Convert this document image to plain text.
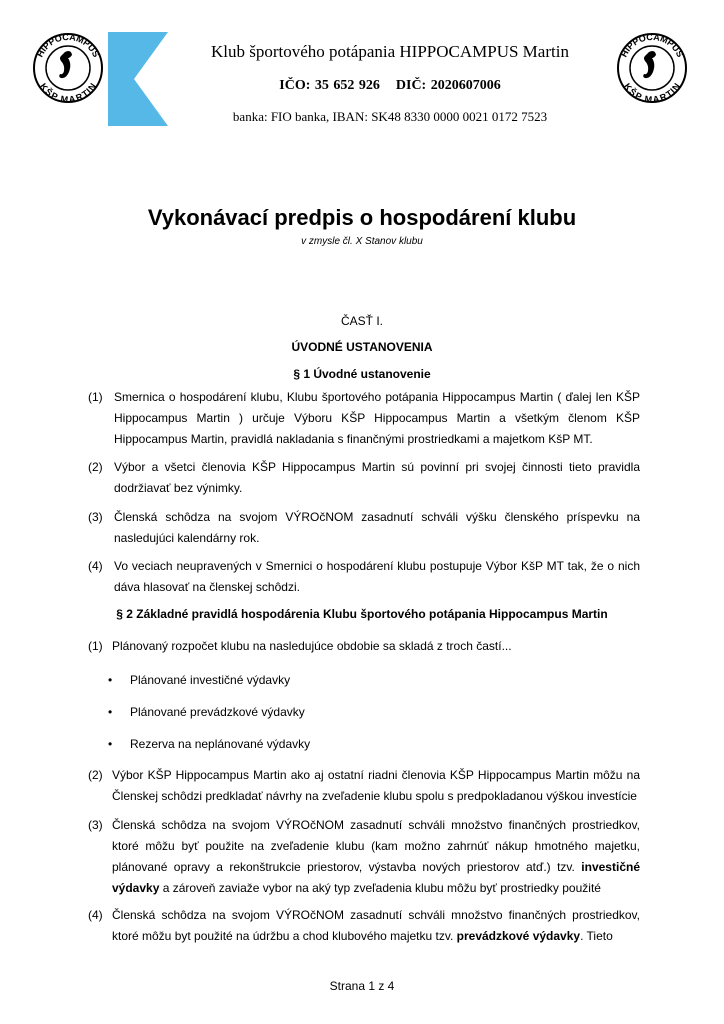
HIPPOCAMPUS
KŠP MARTIN
Klub športového potápania HIPPOCAMPUS Martin
IČO: 35 652 926 DIČ: 2020607006
banka: FIO banka, IBAN: SK48 8330 0000 0021 0172 7523
HIPPOCAMPUS
KŠP MARTIN
Vykonávací predpis o hospodárení klubu
v zmysle čl. X Stanov klubu
ČASŤ I.
ÚVODNÉ USTANOVENIA
§ 1 Úvodné ustanovenie
(1) Smernica o hospodárení klubu, Klubu športového potápania Hippocampus Martin ( ďalej len KŠP Hippocampus Martin ) určuje Výboru KŠP Hippocampus Martin a všetkým členom KŠP Hippocampus Martin, pravidlá nakladania s finančnými prostriedkami a majetkom KšP MT.
(2) Výbor a všetci členovia KŠP Hippocampus Martin sú povinní pri svojej činnosti tieto pravidla dodržiavať bez výnimky.
(3) Členská schôdza na svojom VÝROčNOM zasadnutí schváli výšku členského príspevku na nasledujúci kalendárny rok.
(4) Vo veciach neupravených v Smernici o hospodárení klubu postupuje Výbor KšP MT tak, že o nich dáva hlasovať na členskej schôdzi.
§ 2 Základné pravidlá hospodárenia Klubu športového potápania Hippocampus Martin
(1) Plánovaný rozpočet klubu na nasledujúce obdobie sa skladá z troch častí...
• Plánované investičné výdavky
• Plánované prevádzkové výdavky
• Rezerva na neplánované výdavky
(2) Výbor KŠP Hippocampus Martin ako aj ostatní riadni členovia KŠP Hippocampus Martin môžu na Členskej schôdzi predkladať návrhy na zveľadenie klubu spolu s predpokladanou výškou investície
(3) Členská schôdza na svojom VÝROčNOM zasadnutí schváli množstvo finančných prostriedkov, ktoré môžu byť použite na zveľadenie klubu (kam možno zahrnúť nákup hmotného majetku, plánované opravy a rekonštrukcie priestorov, výstavba nových priestorov atď.) tzv. investičné výdavky a zároveň zaviaže vybor na aký typ zveľadenia klubu môžu byť prostriedky použité
(4) Členská schôdza na svojom VÝROčNOM zasadnutí schváli množstvo finančných prostriedkov, ktoré môžu byt použité na údržbu a chod klubového majetku tzv. prevádzkové výdavky. Tieto
Strana 1 z 4
